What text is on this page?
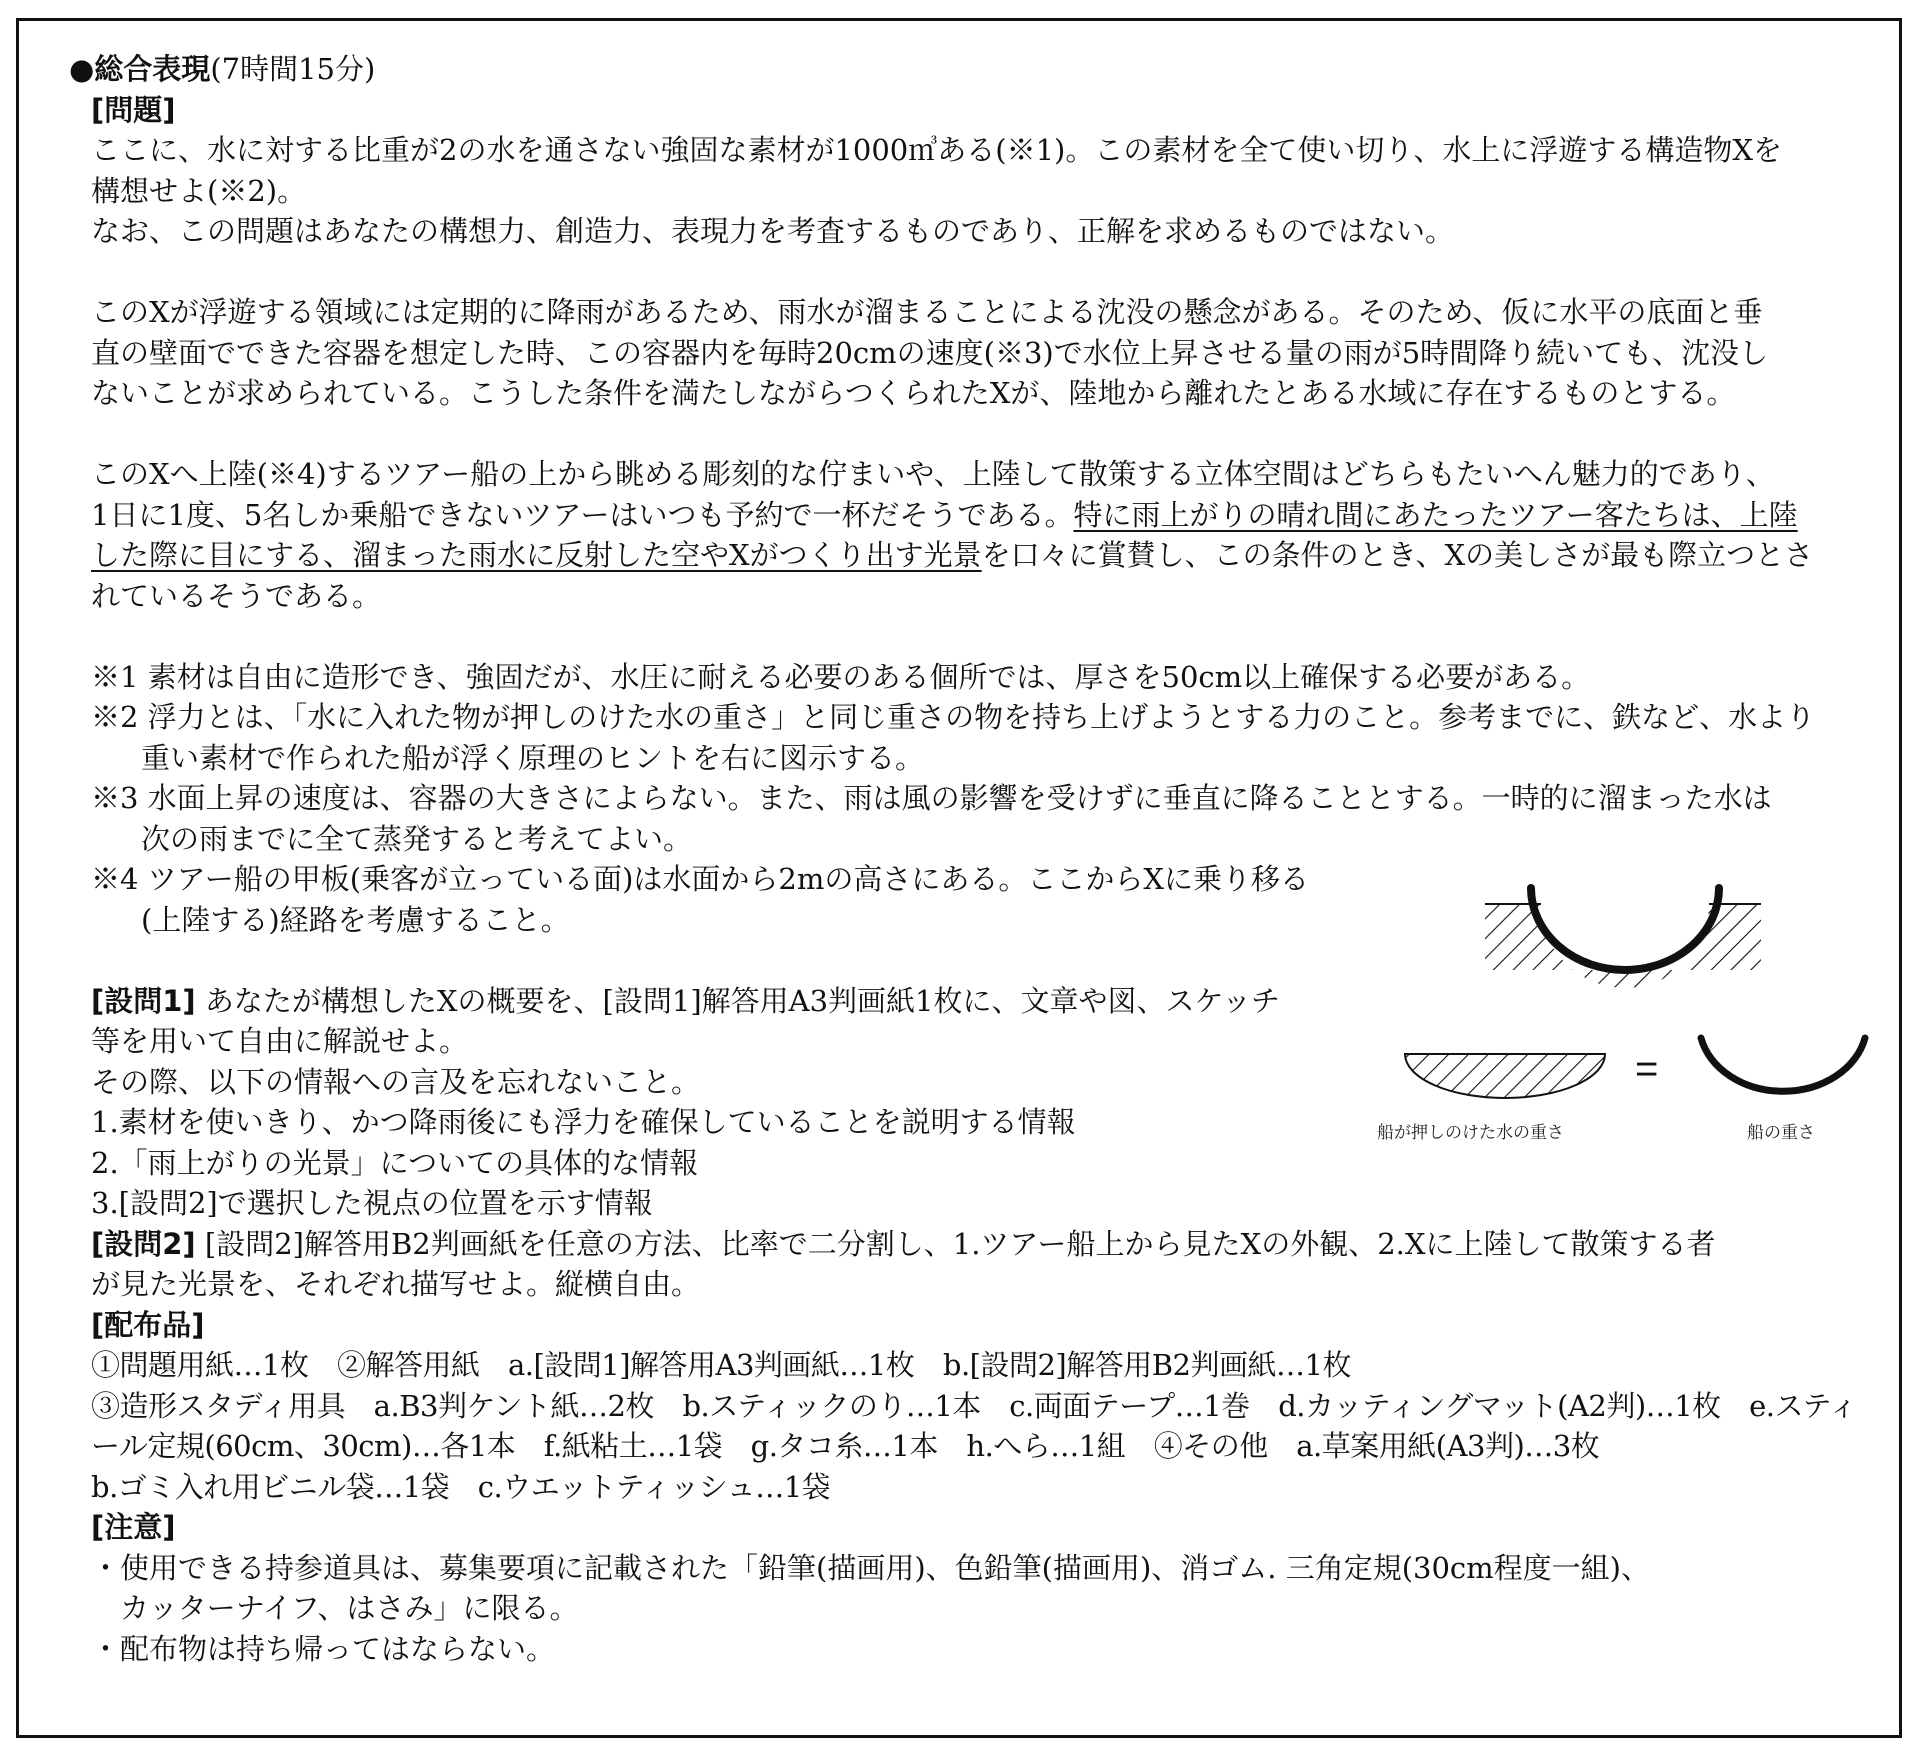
●総合表現(7時間15分)
[問題]
ここに、水に対する比重が2の水を通さない強固な素材が1000㎥ある(※1)。この素材を全て使い切り、水上に浮遊する構造物Xを
構想せよ(※2)。
なお、この問題はあなたの構想力、創造力、表現力を考査するものであり、正解を求めるものではない。
このXが浮遊する領域には定期的に降雨があるため、雨水が溜まることによる沈没の懸念がある。そのため、仮に水平の底面と垂
直の壁面でできた容器を想定した時、この容器内を毎時20cmの速度(※3)で水位上昇させる量の雨が5時間降り続いても、沈没し
ないことが求められている。こうした条件を満たしながらつくられたXが、陸地から離れたとある水域に存在するものとする。
このXへ上陸(※4)するツアー船の上から眺める彫刻的な佇まいや、上陸して散策する立体空間はどちらもたいへん魅力的であり、
1日に1度、5名しか乗船できないツアーはいつも予約で一杯だそうである。特に雨上がりの晴れ間にあたったツアー客たちは、上陸
した際に目にする、溜まった雨水に反射した空やXがつくり出す光景を口々に賞賛し、この条件のとき、Xの美しさが最も際立つとさ
れているそうである。
※1 素材は自由に造形でき、強固だが、水圧に耐える必要のある個所では、厚さを50cm以上確保する必要がある。
※2 浮力とは、「水に入れた物が押しのけた水の重さ」と同じ重さの物を持ち上げようとする力のこと。参考までに、鉄など、水より
重い素材で作られた船が浮く原理のヒントを右に図示する。
※3 水面上昇の速度は、容器の大きさによらない。また、雨は風の影響を受けずに垂直に降ることとする。一時的に溜まった水は
次の雨までに全て蒸発すると考えてよい。
※4 ツアー船の甲板(乗客が立っている面)は水面から2mの高さにある。ここからXに乗り移る
(上陸する)経路を考慮すること。
[設問1] あなたが構想したXの概要を、[設問1]解答用A3判画紙1枚に、文章や図、スケッチ
等を用いて自由に解説せよ。
その際、以下の情報への言及を忘れないこと。
1.素材を使いきり、かつ降雨後にも浮力を確保していることを説明する情報
2.「雨上がりの光景」についての具体的な情報
3.[設問2]で選択した視点の位置を示す情報
[設問2] [設問2]解答用B2判画紙を任意の方法、比率で二分割し、1.ツアー船上から見たXの外観、2.Xに上陸して散策する者
が見た光景を、それぞれ描写せよ。縦横自由。
[配布品]
①問題用紙…1枚　②解答用紙　a.[設問1]解答用A3判画紙…1枚　b.[設問2]解答用B2判画紙…1枚
③造形スタディ用具　a.B3判ケント紙…2枚　b.スティックのり…1本　c.両面テープ…1巻　d.カッティングマット(A2判)…1枚　e.スティ
ール定規(60cm、30cm)…各1本　f.紙粘土…1袋　g.タコ糸…1本　h.へら…1組　④その他　a.草案用紙(A3判)…3枚
b.ゴミ入れ用ビニル袋…1袋　c.ウエットティッシュ…1袋
[注意]
・使用できる持参道具は、募集要項に記載された「鉛筆(描画用)、色鉛筆(描画用)、消ゴム. 三角定規(30cm程度一組)、
　カッターナイフ、はさみ」に限る。
・配布物は持ち帰ってはならない。
=
船が押しのけた水の重さ	船の重さ
